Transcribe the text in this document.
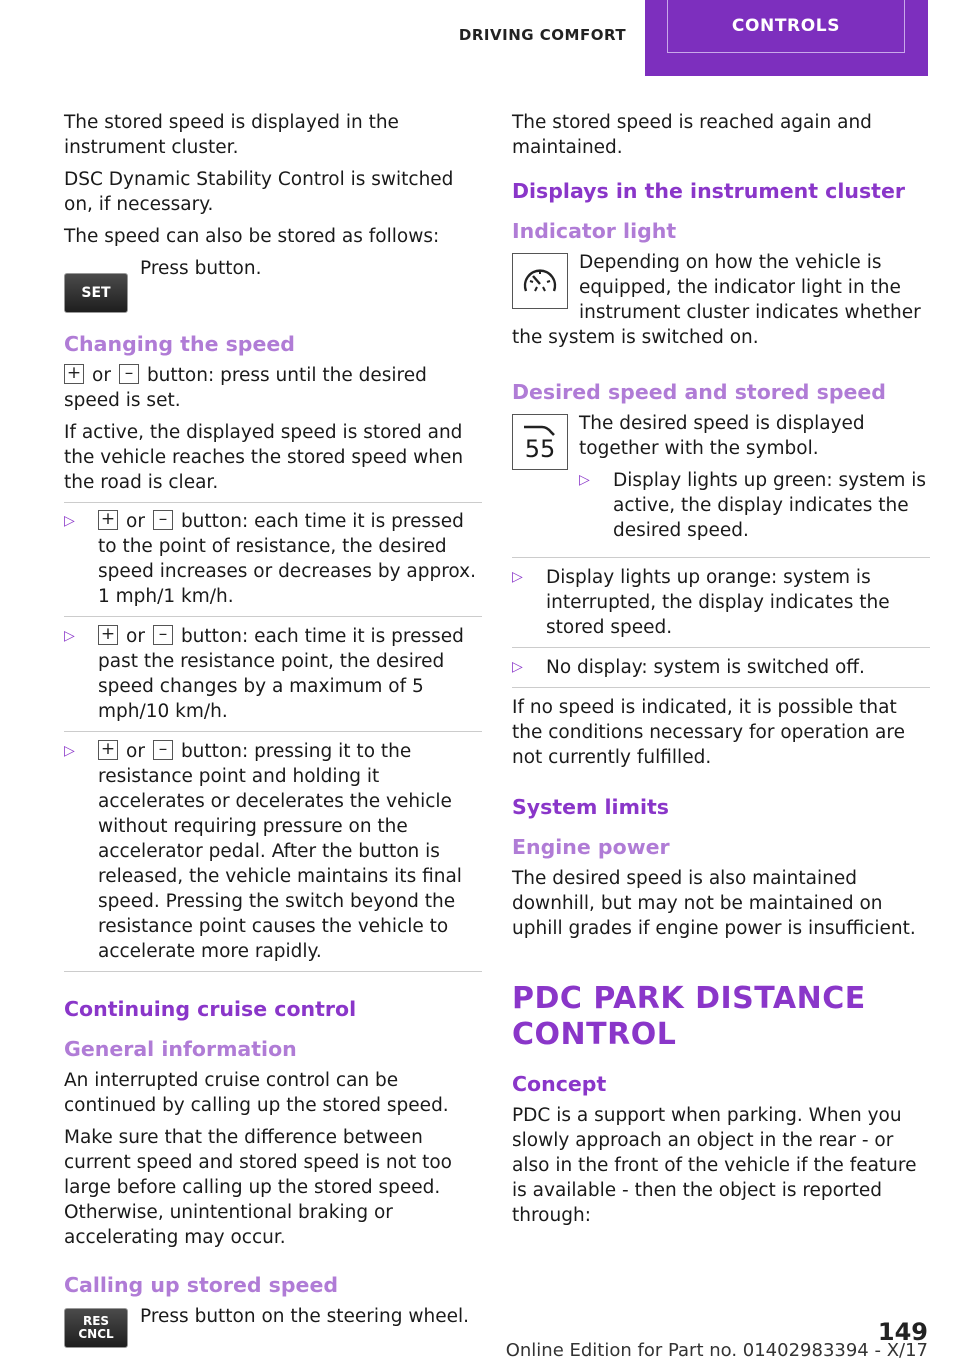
DRIVING COMFORT	CONTROLS

The stored speed is displayed in the instrument cluster.

DSC Dynamic Stability Control is switched on, if necessary.

The speed can also be stored as follows:

SET
Press button.
Changing the speed

+ or – button: press until the desired speed is set.

If active, the displayed speed is stored and the vehicle reaches the stored speed when the road is clear.

▷ + or – button: each time it is pressed to the point of resistance, the desired speed increases or decreases by approx. 1 mph/1 km/h.
▷ + or – button: each time it is pressed past the resistance point, the desired speed changes by a maximum of 5 mph/10 km/h.
▷ + or – button: pressing it to the resistance point and holding it accelerates or decelerates the vehicle without requiring pressure on the accelerator pedal. After the button is released, the vehicle maintains its final speed. Pressing the switch beyond the resistance point causes the vehicle to accelerate more rapidly.
Continuing cruise control
General information

An interrupted cruise control can be continued by calling up the stored speed.

Make sure that the difference between current speed and stored speed is not too large before calling up the stored speed. Otherwise, unintentional braking or accelerating may occur.

Calling up stored speed
RES
CNCL
Press button on the steering wheel.

The stored speed is reached again and maintained.

Displays in the instrument cluster
Indicator light

Depending on how the vehicle is equipped, the indicator light in the instrument cluster indicates whether the system is switched on.

Desired speed and stored speed
55

The desired speed is displayed together with the symbol.

▷ Display lights up green: system is active, the display indicates the desired speed.
▷ Display lights up orange: system is interrupted, the display indicates the stored speed.
▷ No display: system is switched off.

If no speed is indicated, it is possible that the conditions necessary for operation are not currently fulfilled.

System limits
Engine power

The desired speed is also maintained downhill, but may not be maintained on uphill grades if engine power is insufficient.

PDC PARK DISTANCE CONTROL
Concept

PDC is a support when parking. When you slowly approach an object in the rear - or also in the front of the vehicle if the feature is available - then the object is reported through:

149
Online Edition for Part no. 01402983394 - X/17
